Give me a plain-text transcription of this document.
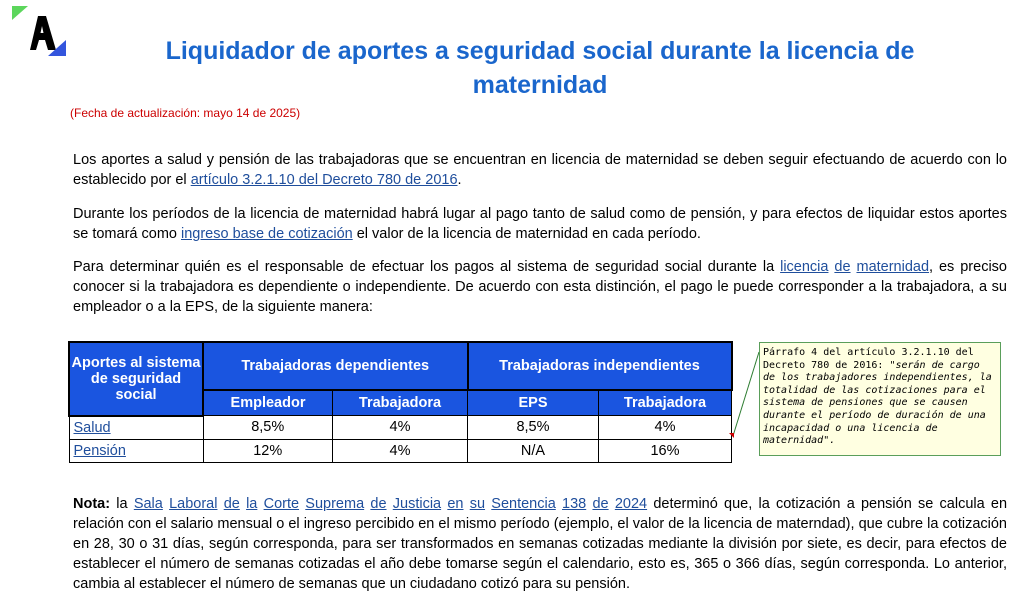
Liquidador de aportes a seguridad social durante la licencia de maternidad
(Fecha de actualización: mayo 14 de 2025)
Los aportes a salud y pensión de las trabajadoras que se encuentran en licencia de maternidad se deben seguir efectuando de acuerdo con lo establecido por el artículo 3.2.1.10 del Decreto 780 de 2016.
Durante los períodos de la licencia de maternidad habrá lugar al pago tanto de salud como de pensión, y para efectos de liquidar estos aportes se tomará como ingreso base de cotización el valor de la licencia de maternidad en cada período.
Para determinar quién es el responsable de efectuar los pagos al sistema de seguridad social durante la licencia de maternidad, es preciso conocer si la trabajadora es dependiente o independiente. De acuerdo con esta distinción, el pago le puede corresponder a la trabajadora, a su empleador o a la EPS, de la siguiente manera:
Aportes al sistema de seguridad social	Trabajadoras dependientes		Trabajadoras independientes	
	Empleador	Trabajadora	EPS	Trabajadora
Salud	8,5%	4%	8,5%	4%
Pensión	12%	4%	N/A	16%
Párrafo 4 del artículo 3.2.1.10 del Decreto 780 de 2016: "serán de cargo de los trabajadores independientes, la totalidad de las cotizaciones para el sistema de pensiones que se causen durante el período de duración de una incapacidad o una licencia de maternidad".
Nota: la Sala Laboral de la Corte Suprema de Justicia en su Sentencia 138 de 2024 determinó que, la cotización a pensión se calcula en relación con el salario mensual o el ingreso percibido en el mismo período (ejemplo, el valor de la licencia de materndad), que cubre la cotización en 28, 30 o 31 días, según corresponda, para ser transformados en semanas cotizadas mediante la división por siete, es decir, para efectos de establecer el número de semanas cotizadas el año debe tomarse según el calendario, esto es, 365 o 366 días, según corresponda. Lo anterior, cambia al establecer el número de semanas que un ciudadano cotizó para su pensión.
